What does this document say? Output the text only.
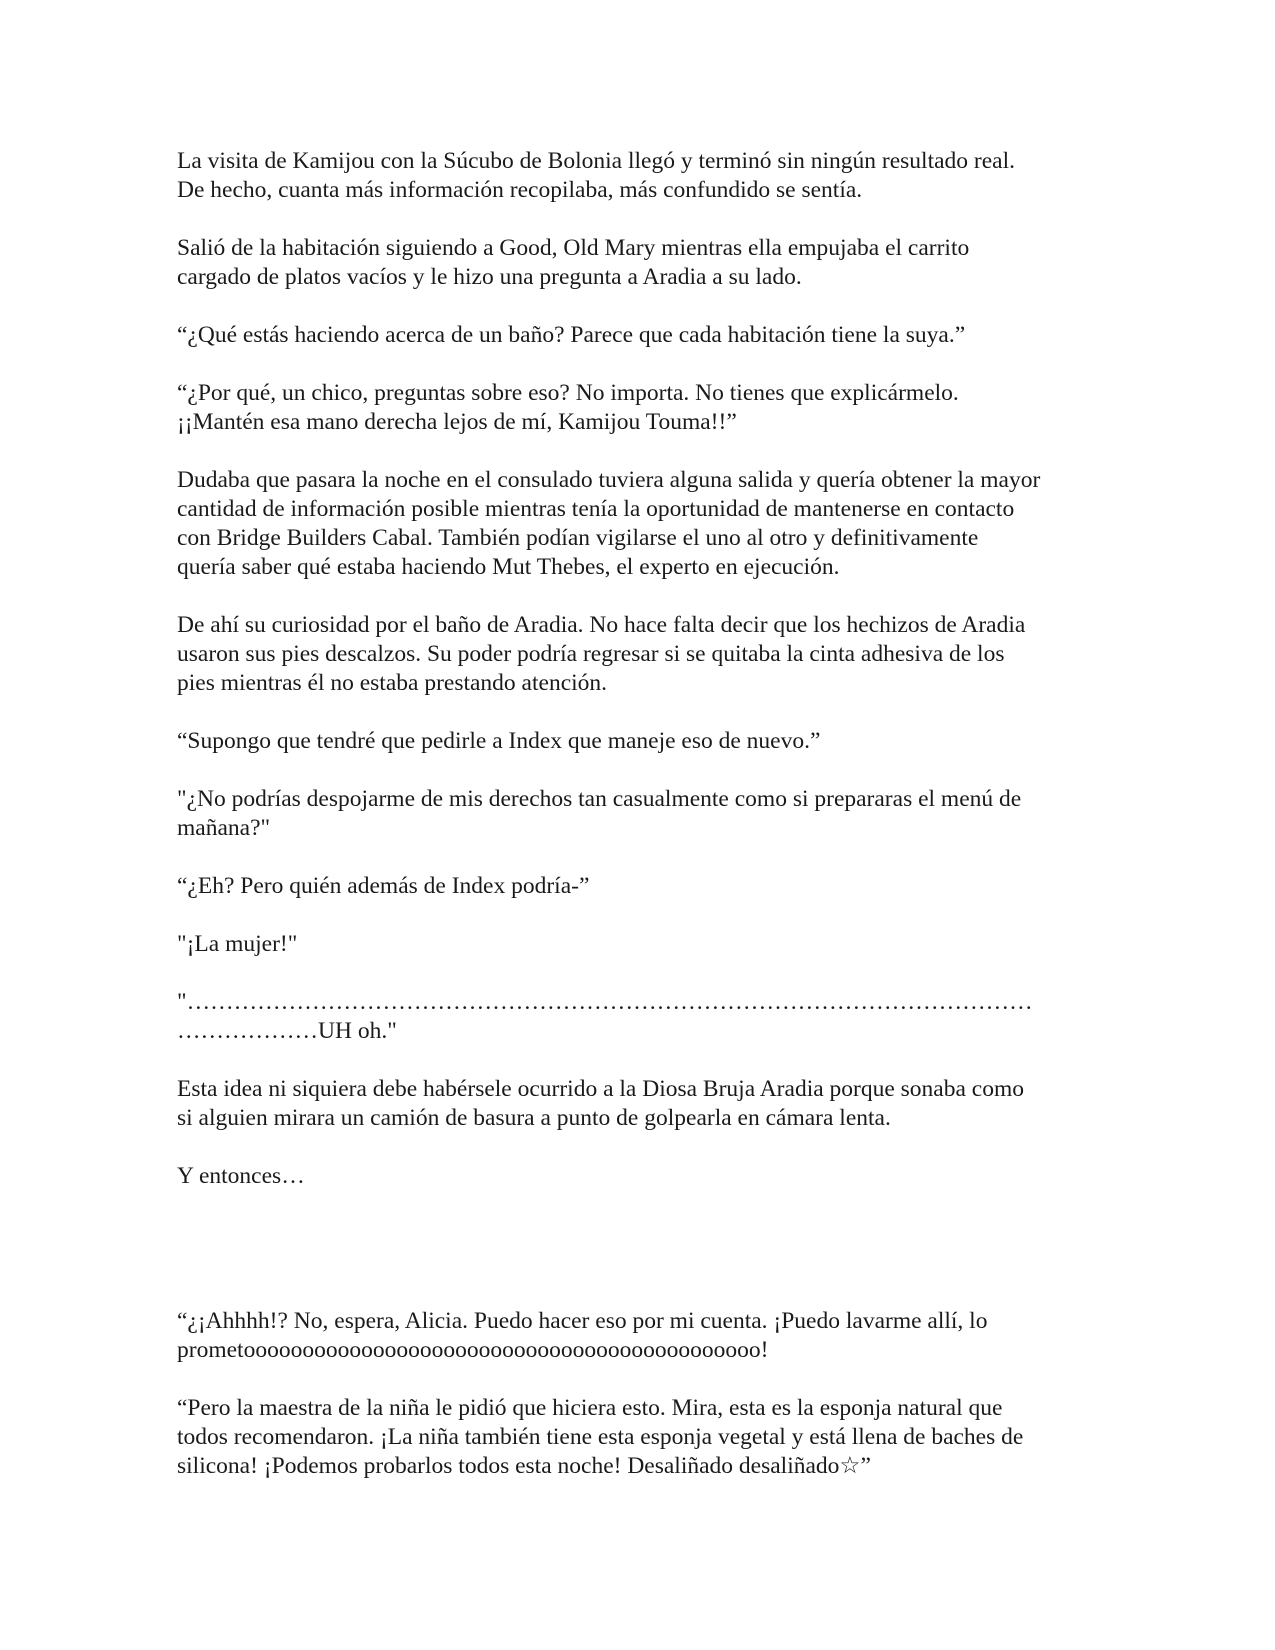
La visita de Kamijou con la Súcubo de Bolonia llegó y terminó sin ningún resultado real.
De hecho, cuanta más información recopilaba, más confundido se sentía.

Salió de la habitación siguiendo a Good, Old Mary mientras ella empujaba el carrito
cargado de platos vacíos y le hizo una pregunta a Aradia a su lado.

“¿Qué estás haciendo acerca de un baño? Parece que cada habitación tiene la suya.”

“¿Por qué, un chico, preguntas sobre eso? No importa. No tienes que explicármelo.
¡¡Mantén esa mano derecha lejos de mí, Kamijou Touma!!”

Dudaba que pasara la noche en el consulado tuviera alguna salida y quería obtener la mayor
cantidad de información posible mientras tenía la oportunidad de mantenerse en contacto
con Bridge Builders Cabal. También podían vigilarse el uno al otro y definitivamente
quería saber qué estaba haciendo Mut Thebes, el experto en ejecución.

De ahí su curiosidad por el baño de Aradia. No hace falta decir que los hechizos de Aradia
usaron sus pies descalzos. Su poder podría regresar si se quitaba la cinta adhesiva de los
pies mientras él no estaba prestando atención.

“Supongo que tendré que pedirle a Index que maneje eso de nuevo.”

"¿No podrías despojarme de mis derechos tan casualmente como si prepararas el menú de
mañana?"

“¿Eh? Pero quién además de Index podría-”

"¡La mujer!"

"………………………………………………………………………………………………
………………UH oh."

Esta idea ni siquiera debe habérsele ocurrido a la Diosa Bruja Aradia porque sonaba como
si alguien mirara un camión de basura a punto de golpearla en cámara lenta.

Y entonces…

“¿¡Ahhhh!? No, espera, Alicia. Puedo hacer eso por mi cuenta. ¡Puedo lavarme allí, lo
prometoooooooooooooooooooooooooooooooooooooooooooo!

“Pero la maestra de la niña le pidió que hiciera esto. Mira, esta es la esponja natural que
todos recomendaron. ¡La niña también tiene esta esponja vegetal y está llena de baches de
silicona! ¡Podemos probarlos todos esta noche! Desaliñado desaliñado☆”
